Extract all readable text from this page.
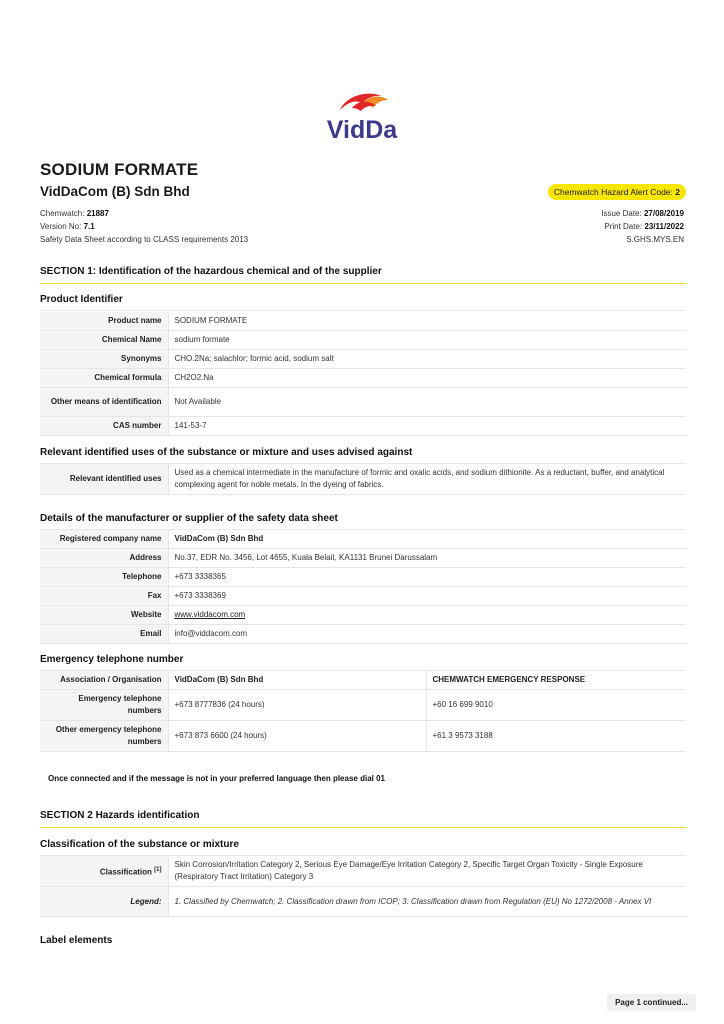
VidDa
SODIUM FORMATE
VidDaCom (B) Sdn Bhd	Chemwatch Hazard Alert Code: 2
Chemwatch: 21887
Version No: 7.1
Safety Data Sheet according to CLASS requirements 2013
Issue Date: 27/08/2019
Print Date: 23/11/2022
S.GHS.MYS.EN
SECTION 1: Identification of the hazardous chemical and of the supplier
Product Identifier
Product name	SODIUM FORMATE
Chemical Name	sodium formate
Synonyms	CHO.2Na; salachlor; formic acid, sodium salt
Chemical formula	CH2O2.Na
Other means of identification	Not Available
CAS number	141-53-7
Relevant identified uses of the substance or mixture and uses advised against
Relevant identified uses	Used as a chemical intermediate in the manufacture of formic and oxalic acids, and sodium dithionite. As a reductant, buffer, and analytical complexing agent for noble metals. In the dyeing of fabrics.
Details of the manufacturer or supplier of the safety data sheet
Registered company name	VidDaCom (B) Sdn Bhd
Address	No.37, EDR No. 3456, Lot 4655, Kuala Belait, KA1131 Brunei Darussalam
Telephone	+673 3338365
Fax	+673 3338369
Website	www.viddacom.com
Email	info@viddacom.com
Emergency telephone number
Association / Organisation	VidDaCom (B) Sdn Bhd	CHEMWATCH EMERGENCY RESPONSE
Emergency telephone numbers	+673 8777836 (24 hours)	+60 16 699 9010
Other emergency telephone numbers	+673 873 6600 (24 hours)	+61 3 9573 3188
Once connected and if the message is not in your preferred language then please dial 01
SECTION 2 Hazards identification
Classification of the substance or mixture
Classification [1]	Skin Corrosion/Irritation Category 2, Serious Eye Damage/Eye Irritation Category 2, Specific Target Organ Toxicity - Single Exposure (Respiratory Tract Irritation) Category 3
Legend:	1. Classified by Chemwatch; 2. Classification drawn from ICOP; 3. Classification drawn from Regulation (EU) No 1272/2008 - Annex VI
Label elements
Page 1 continued...
